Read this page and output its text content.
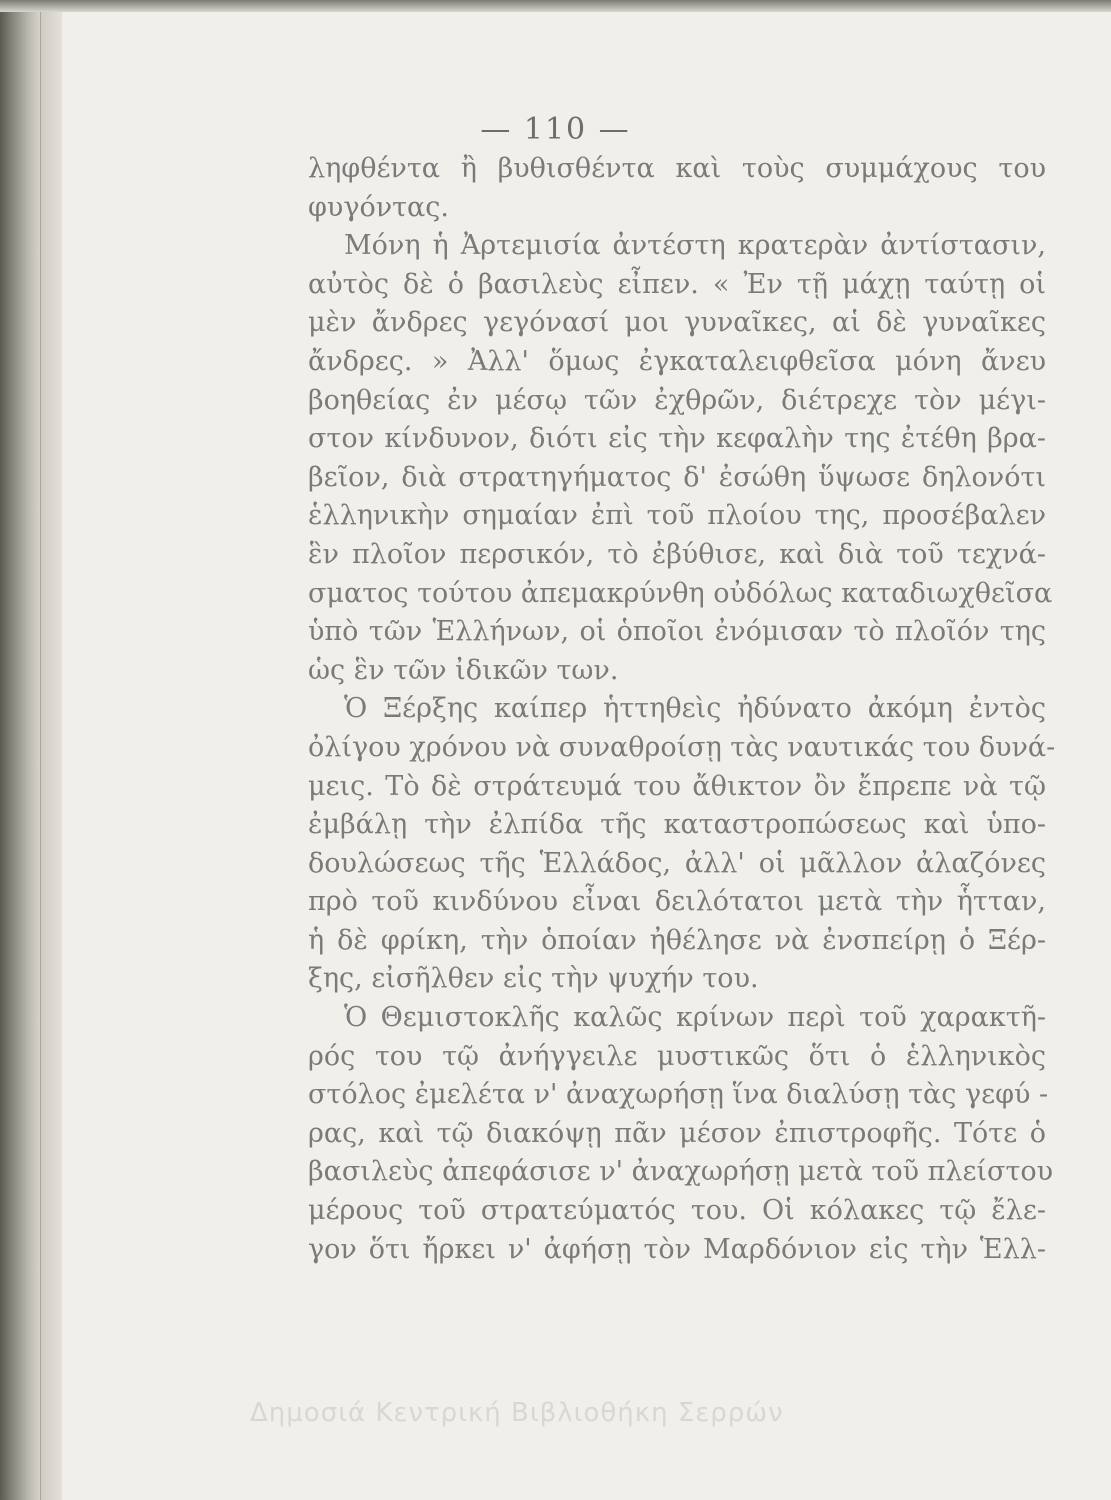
— 110 —
ληφθέντα ἢ βυθισθέντα καὶ τοὺς συμμάχους του
φυγόντας.
Μόνη ἡ Ἀρτεμισία ἀντέστη κρατερὰν ἀντίστασιν,
αὐτὸς δὲ ὁ βασιλεὺς εἶπεν. « Ἐν τῇ μάχῃ ταύτῃ οἱ
μὲν ἄνδρες γεγόνασί μοι γυναῖκες, αἱ δὲ γυναῖκες
ἄνδρες. » Ἀλλ' ὅμως ἐγκαταλειφθεῖσα μόνη ἄνευ
βοηθείας ἐν μέσῳ τῶν ἐχθρῶν, διέτρεχε τὸν μέγι-
στον κίνδυνον, διότι εἰς τὴν κεφαλὴν της ἐτέθη βρα-
βεῖον, διὰ στρατηγήματος δ' ἐσώθη ὕψωσε δηλονότι
ἑλληνικὴν σημαίαν ἐπὶ τοῦ πλοίου της, προσέβαλεν
ἓν πλοῖον περσικόν, τὸ ἐβύθισε, καὶ διὰ τοῦ τεχνά-
σματος τούτου ἀπεμακρύνθη οὐδόλως καταδιωχθεῖσα
ὑπὸ τῶν Ἑλλήνων, οἱ ὁποῖοι ἐνόμισαν τὸ πλοῖόν της
ὡς ἓν τῶν ἰδικῶν των.
Ὁ Ξέρξης καίπερ ἡττηθεὶς ἠδύνατο ἀκόμη ἐντὸς
ὀλίγου χρόνου νὰ συναθροίσῃ τὰς ναυτικάς του δυνά-
μεις. Τὸ δὲ στράτευμά του ἄθικτον ὂν ἔπρεπε νὰ τῷ
ἐμβάλῃ τὴν ἐλπίδα τῆς καταστροπώσεως καὶ ὑπο-
δουλώσεως τῆς Ἑλλάδος, ἀλλ' οἱ μᾶλλον ἀλαζόνες
πρὸ τοῦ κινδύνου εἶναι δειλότατοι μετὰ τὴν ἧτταν,
ἡ δὲ φρίκη, τὴν ὁποίαν ἠθέλησε νὰ ἐνσπείρῃ ὁ Ξέρ-
ξης, εἰσῆλθεν εἰς τὴν ψυχήν του.
Ὁ Θεμιστοκλῆς καλῶς κρίνων περὶ τοῦ χαρακτῆ-
ρός του τῷ ἀνήγγειλε μυστικῶς ὅτι ὁ ἑλληνικὸς
στόλος ἐμελέτα ν' ἀναχωρήσῃ ἵνα διαλύσῃ τὰς γεφύ -
ρας, καὶ τῷ διακόψῃ πᾶν μέσον ἐπιστροφῆς. Τότε ὁ
βασιλεὺς ἀπεφάσισε ν' ἀναχωρήσῃ μετὰ τοῦ πλείστου
μέρους τοῦ στρατεύματός του. Οἱ κόλακες τῷ ἔλε-
γον ὅτι ἤρκει ν' ἀφήσῃ τὸν Μαρδόνιον εἰς τὴν Ἑλλ-
Δημοσιά Κεντρική Βιβλιοθήκη Σερρών
